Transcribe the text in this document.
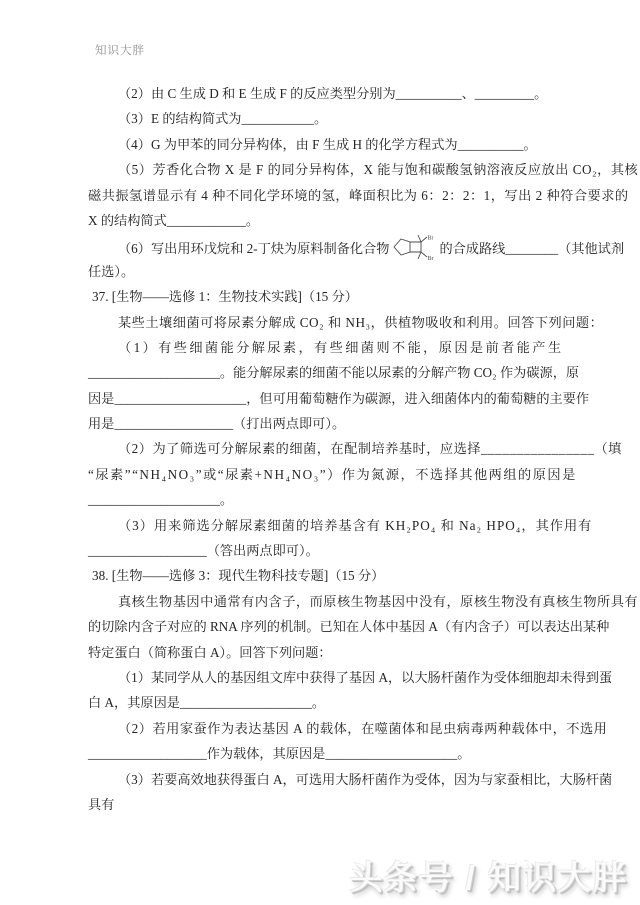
知识大胖
（2）由 C 生成 D 和 E 生成 F 的反应类型分别为__________、_________。
（3）E 的结构简式为___________。
（4）G 为甲苯的同分异构体，由 F 生成 H 的化学方程式为__________。
（5）芳香化合物 X 是 F 的同分异构体，X 能与饱和碳酸氢钠溶液反应放出 CO₂，其核
磁共振氢谱显示有 4 种不同化学环境的氢，峰面积比为 6：2：2：1，写出 2 种符合要求的
X 的结构简式____________。
（6）写出用环戊烷和 2-丁炔为原料制备化合物
Br
Br
的合成路线________（其他试剂
任选）。
37. [生物——选修 1：生物技术实践]（15 分）
某些土壤细菌可将尿素分解成 CO₂ 和 NH₃，供植物吸收和利用。回答下列问题：
（1）有些细菌能分解尿素，有些细菌则不能，原因是前者能产生
____________________。能分解尿素的细菌不能以尿素的分解产物 CO₂ 作为碳源，原
因是____________________，但可用葡萄糖作为碳源，进入细菌体内的葡萄糖的主要作
用是__________________（打出两点即可）。
（2）为了筛选可分解尿素的细菌，在配制培养基时，应选择________________（填
“尿素”“NH₄NO₃”或“尿素+NH₄NO₃”）作为氮源，不选择其他两组的原因是
____________________。
（3）用来筛选分解尿素细菌的培养基含有 KH₂PO₄ 和 Na₂ HPO₄，其作用有
__________________（答出两点即可）。
38. [生物——选修 3：现代生物科技专题]（15 分）
真核生物基因中通常有内含子，而原核生物基因中没有，原核生物没有真核生物所具有
的切除内含子对应的 RNA 序列的机制。已知在人体中基因 A（有内含子）可以表达出某种
特定蛋白（简称蛋白 A）。回答下列问题：
（1）某同学从人的基因组文库中获得了基因 A，以大肠杆菌作为受体细胞却未得到蛋
白 A，其原因是____________________。
（2）若用家蚕作为表达基因 A 的载体，在噬菌体和昆虫病毒两种载体中，不选用
__________________作为载体，其原因是____________________。
（3）若要高效地获得蛋白 A，可选用大肠杆菌作为受体，因为与家蚕相比，大肠杆菌
具有
头条号 / 知识大胖
